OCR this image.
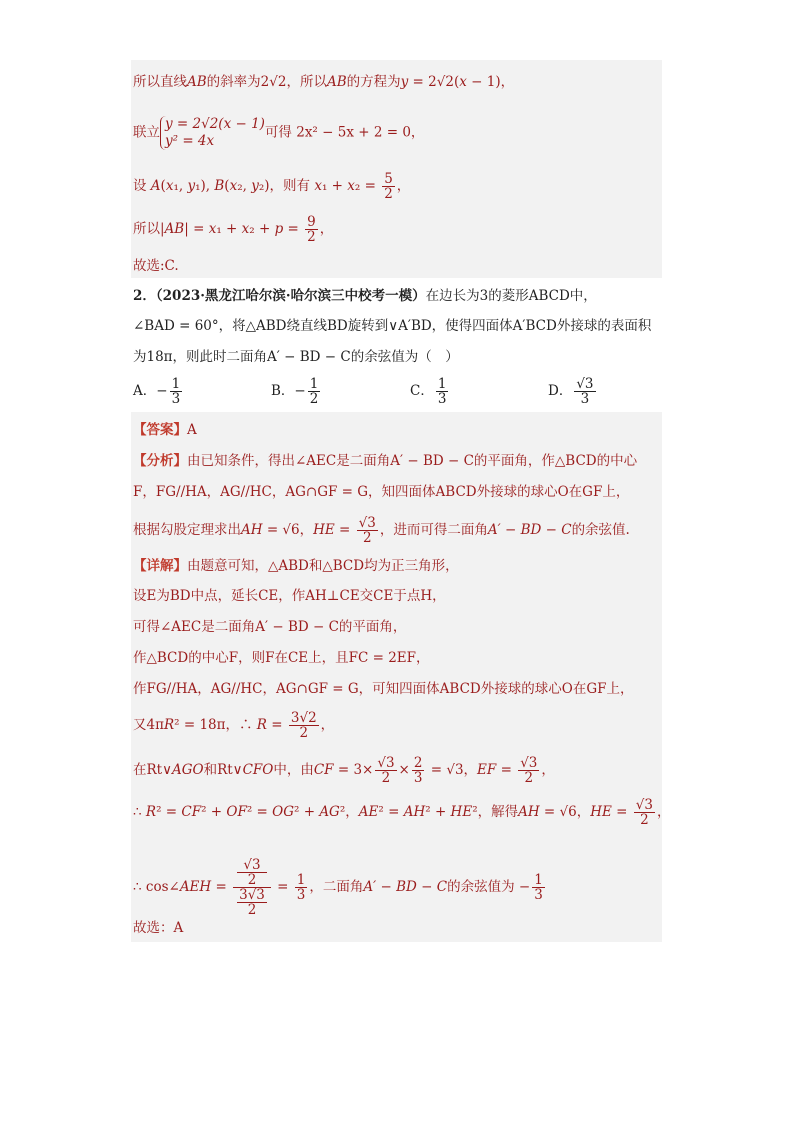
所以直线AB的斜率为2√2，所以AB的方程为y = 2√2(x − 1)，
联立
y = 2√2(x − 1)
y² = 4x
可得 2x² − 5x + 2 = 0，
设 A(x₁, y₁), B(x₂, y₂)，则有 $x_1 + x_2 = \frac{5}{2}$ ，
所以$|AB| = x_1 + x_2 + p = \frac{9}{2}$ ，
故选:C.
2．（2023·黑龙江哈尔滨·哈尔滨三中校考一模）在边长为3的菱形ABCD中，
∠BAD = 60°，将△ABD绕直线BD旋转到∨A′BD，使得四面体A′BCD外接球的表面积
为18π，则此时二面角A′ − BD − C的余弦值为（　）
A．− $\frac{1}{3}$	B．− $\frac{1}{2}$	C． $\frac{1}{3}$	D． $\frac{√3}{3}$
【答案】A
【分析】由已知条件，得出∠AEC是二面角A′ − BD − C的平面角，作△BCD的中心
F，FG//HA，AG//HC，AG∩GF = G，知四面体ABCD外接球的球心O在GF上，
根据勾股定理求出AH = √6，HE = $\frac{√3}{2}$ ，进而可得二面角A′ − BD − C的余弦值.
【详解】由题意可知，△ABD和△BCD均为正三角形，
设E为BD中点，延长CE，作AH⊥CE交CE于点H，
可得∠AEC是二面角A′ − BD − C的平面角，
作△BCD的中心F，则F在CE上，且FC = 2EF，
作FG//HA，AG//HC，AG∩GF = G，可知四面体ABCD外接球的球心O在GF上，
又4πR² = 18π，∴ $R = \frac{3√2}{2}$ ，
在Rt∨AGO和Rt∨CFO中，由CF = $3\times \frac{√3}{2} \times \frac{2}{3} = √3$，EF = $\frac{√3}{2}$ ，
∴ R² = CF² + OF² = OG² + AG²，AE² = AH² + HE²，解得AH = √6，HE = $\frac{√3}{2}$ ，
∴ cos∠AEH = √3
2
3√3
$2 = \frac{1}{3}$ ，二面角A′ − BD − C的余弦值为 − $\frac{1}{3}$
故选：A
